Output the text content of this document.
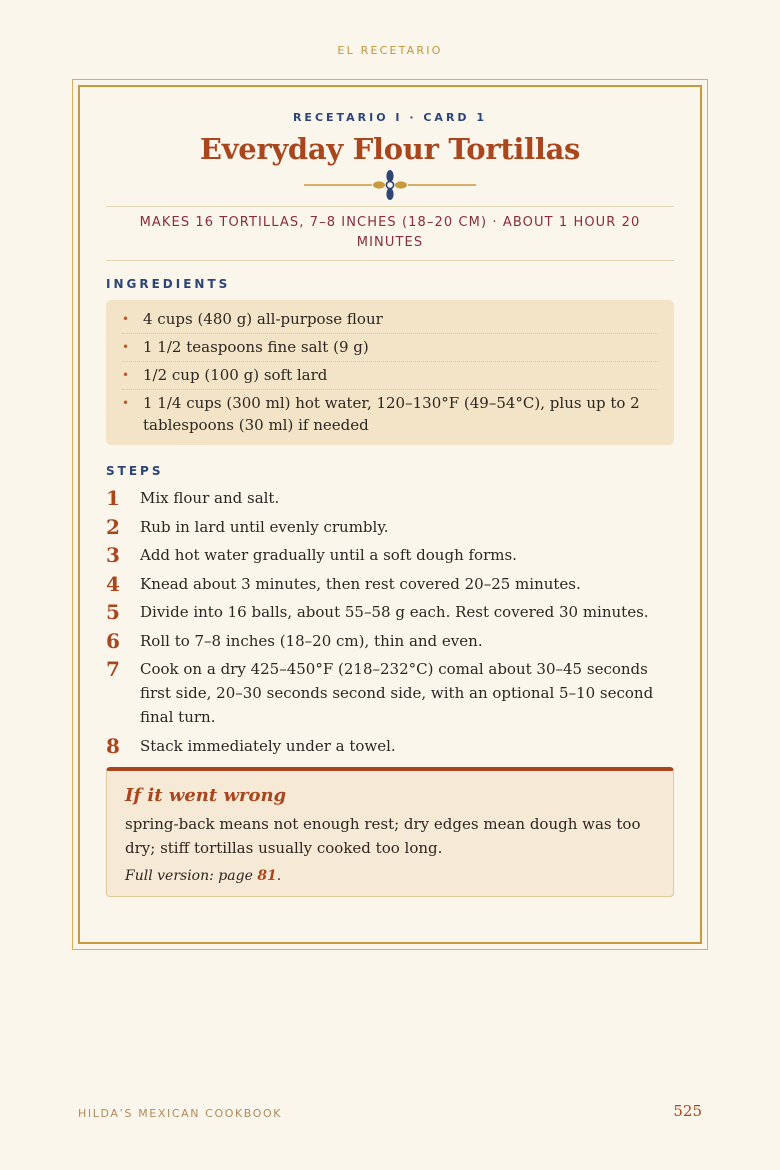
EL RECETARIO
RECETARIO I · CARD 1
Everyday Flour Tortillas
MAKES 16 TORTILLAS, 7–8 INCHES (18–20 CM) · ABOUT 1 HOUR 20 MINUTES
INGREDIENTS
• 4 cups (480 g) all-purpose flour
• 1 1/2 teaspoons fine salt (9 g)
• 1/2 cup (100 g) soft lard
• 1 1/4 cups (300 ml) hot water, 120–130°F (49–54°C), plus up to 2 tablespoons (30 ml) if needed
STEPS
1 Mix flour and salt.
2 Rub in lard until evenly crumbly.
3 Add hot water gradually until a soft dough forms.
4 Knead about 3 minutes, then rest covered 20–25 minutes.
5 Divide into 16 balls, about 55–58 g each. Rest covered 30 minutes.
6 Roll to 7–8 inches (18–20 cm), thin and even.
7 Cook on a dry 425–450°F (218–232°C) comal about 30–45 seconds first side, 20–30 seconds second side, with an optional 5–10 second final turn.
8 Stack immediately under a towel.
If it went wrong
spring-back means not enough rest; dry edges mean dough was too dry; stiff tortillas usually cooked too long.
Full version: page 81.
HILDA’S MEXICAN COOKBOOK	525
